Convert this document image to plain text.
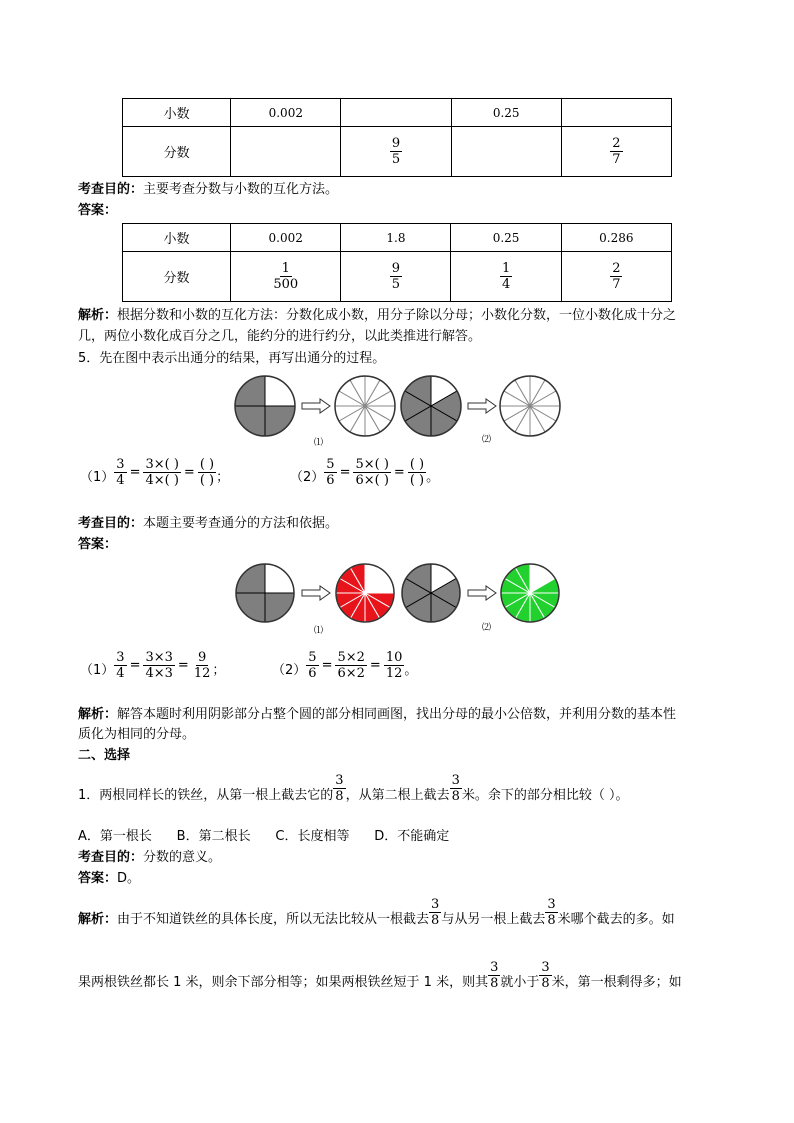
小数	0.002		0.25	
分数		$\frac{9}{5}$		$\frac{2}{7}$
考查目的：主要考查分数与小数的互化方法。
答案：
小数	0.002	1.8	0.25	0.286
分数	$\frac{1}{500}$	$\frac{9}{5}$	$\frac{1}{4}$	$\frac{2}{7}$
解析：根据分数和小数的互化方法：分数化成小数，用分子除以分母；小数化分数，一位小数化成十分之
几，两位小数化成百分之几，能约分的进行约分，以此类推进行解答。
5．先在图中表示出通分的结果，再写出通分的过程。
⑴	⑵
$(1) \frac{3}{4} = \frac{3\times( )}{4\times( )}$ = ( )
( ) ；	$(2) \frac{5}{6} = \frac{5\times( )}{6\times( )}$ = ( )
( ) 。
考查目的：本题主要考查通分的方法和依据。
答案：
⑴	⑵
$(1) \frac{3}{4} = \frac{3\times 3}{4\times 3} = \frac{9}{12}$ ；	$(2) \frac{5}{6} = \frac{5\times 2}{6\times 2} = \frac{10}{12}$ 。
解析：解答本题时利用阴影部分占整个圆的部分相同画图，找出分母的最小公倍数，并利用分数的基本性
质化为相同的分母。
二、选择
1．两根同样长的铁丝，从第一根上截去它的
3
8 ，从第二根上截去
3
8 米。余下的部分相比较（ ）。
A．第一根长      B．第二根长      C．长度相等      D．不能确定
考查目的：分数的意义。
答案：D。
解析： 由于不知道铁丝的具体长度，所以无法比较从一根截去
3
8 与从另一根上截去
3
8 米哪个截去的多。如
果两根铁丝都长 1 米，则余下部分相等；如果两根铁丝短于 1 米，则其
3
8 就小于
3
8 米，第一根剩得多；如
